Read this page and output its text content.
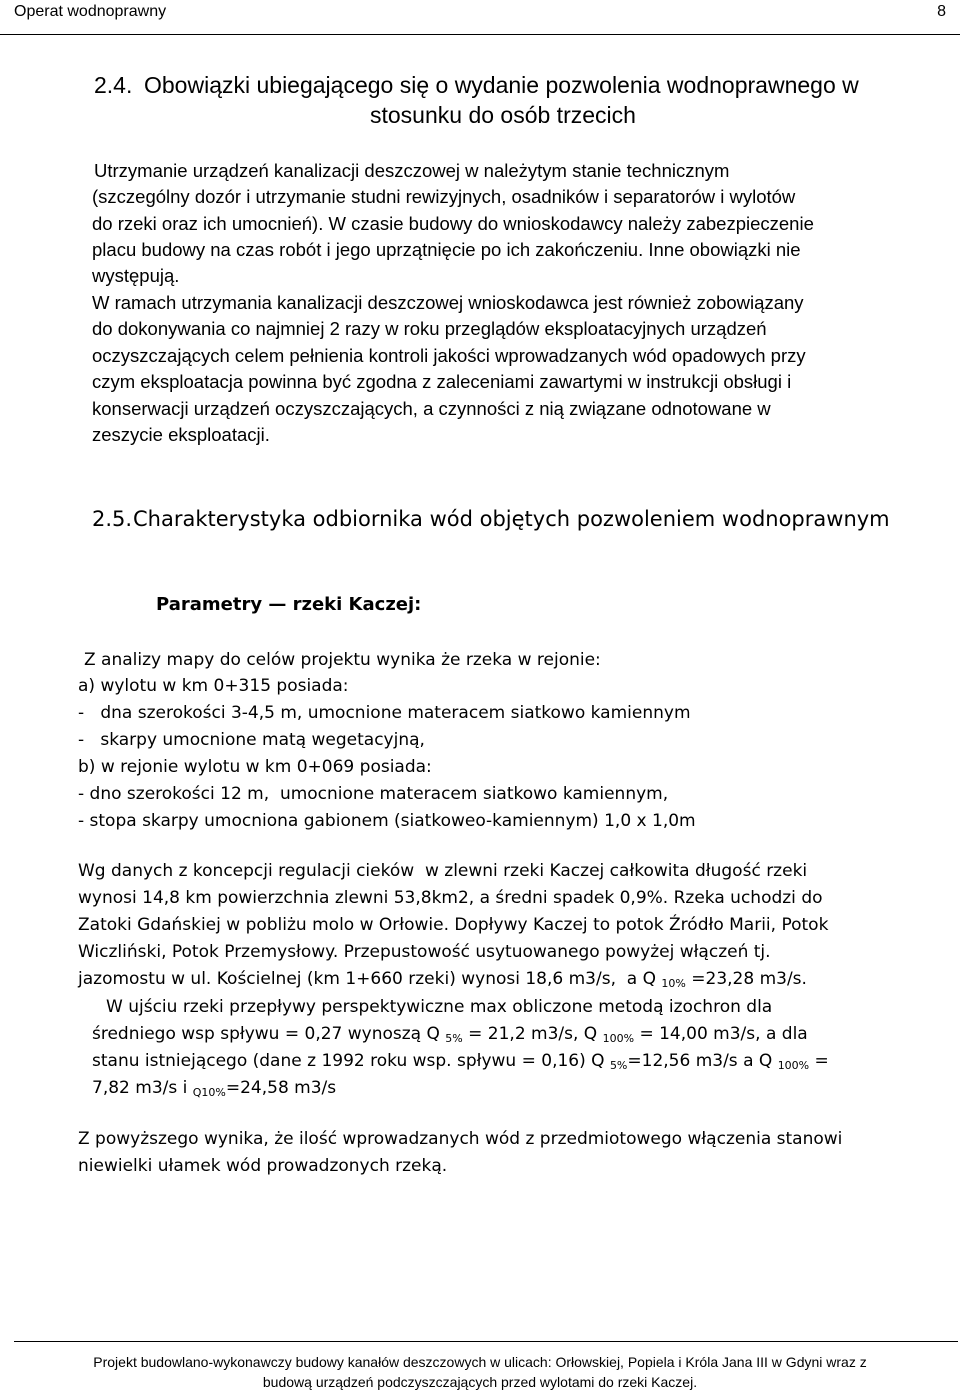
Operat wodnoprawny	8
2.4. Obowiązki ubiegającego się o wydanie pozwolenia wodnoprawnego w
stosunku do osób trzecich
Utrzymanie urządzeń kanalizacji deszczowej w należytym stanie technicznym
(szczególny dozór i utrzymanie studni rewizyjnych, osadników i separatorów i wylotów
do rzeki oraz ich umocnień). W czasie budowy do wnioskodawcy należy zabezpieczenie
placu budowy na czas robót i jego uprzątnięcie po ich zakończeniu. Inne obowiązki nie
występują.
W ramach utrzymania kanalizacji deszczowej wnioskodawca jest również zobowiązany
do dokonywania co najmniej 2 razy w roku przeglądów eksploatacyjnych urządzeń
oczyszczających celem pełnienia kontroli jakości wprowadzanych wód opadowych przy
czym eksploatacja powinna być zgodna z zaleceniami zawartymi w instrukcji obsługi i
konserwacji urządzeń oczyszczających, a czynności z nią związane odnotowane w
zeszycie eksploatacji.
2.5. Charakterystyka odbiornika wód objętych pozwoleniem wodnoprawnym
Parametry — rzeki Kaczej:
Z analizy mapy do celów projektu wynika że rzeka w rejonie:
a) wylotu w km 0+315 posiada:
-   dna szerokości 3-4,5 m, umocnione materacem siatkowo kamiennym
-   skarpy umocnione matą wegetacyjną,
b) w rejonie wylotu w km 0+069 posiada:
- dno szerokości 12 m,  umocnione materacem siatkowo kamiennym,
- stopa skarpy umocniona gabionem (siatkoweo-kamiennym) 1,0 x 1,0m
Wg danych z koncepcji regulacji cieków  w zlewni rzeki Kaczej całkowita długość rzeki
wynosi 14,8 km powierzchnia zlewni 53,8km2, a średni spadek 0,9%. Rzeka uchodzi do
Zatoki Gdańskiej w pobliżu molo w Orłowie. Dopływy Kaczej to potok Źródło Marii, Potok
Wiczliński, Potok Przemysłowy. Przepustowość usytuowanego powyżej włączeń tj.
jazomostu w ul. Kościelnej (km 1+660 rzeki) wynosi 18,6 m3/s,  a Q $_{10\%}$ =23,28 m3/s.
W ujściu rzeki przepływy perspektywiczne max obliczone metodą izochron dla
średniego wsp spływu = 0,27 wynoszą Q $_{5\%}$ = 21,2 m3/s, Q $_{100\%}$ = 14,00 m3/s, a dla
stanu istniejącego (dane z 1992 roku wsp. spływu = 0,16) Q $_{5\%}$=12,56 m3/s a Q $_{100\%}$ =
7,82 m3/s i $_{Q10\%}$=24,58 m3/s
Z powyższego wynika, że ilość wprowadzanych wód z przedmiotowego włączenia stanowi
niewielki ułamek wód prowadzonych rzeką.
Projekt budowlano-wykonawczy budowy kanałów deszczowych w ulicach: Orłowskiej, Popiela i Króla Jana III w Gdyni wraz z
budową urządzeń podczyszczających przed wylotami do rzeki Kaczej.
